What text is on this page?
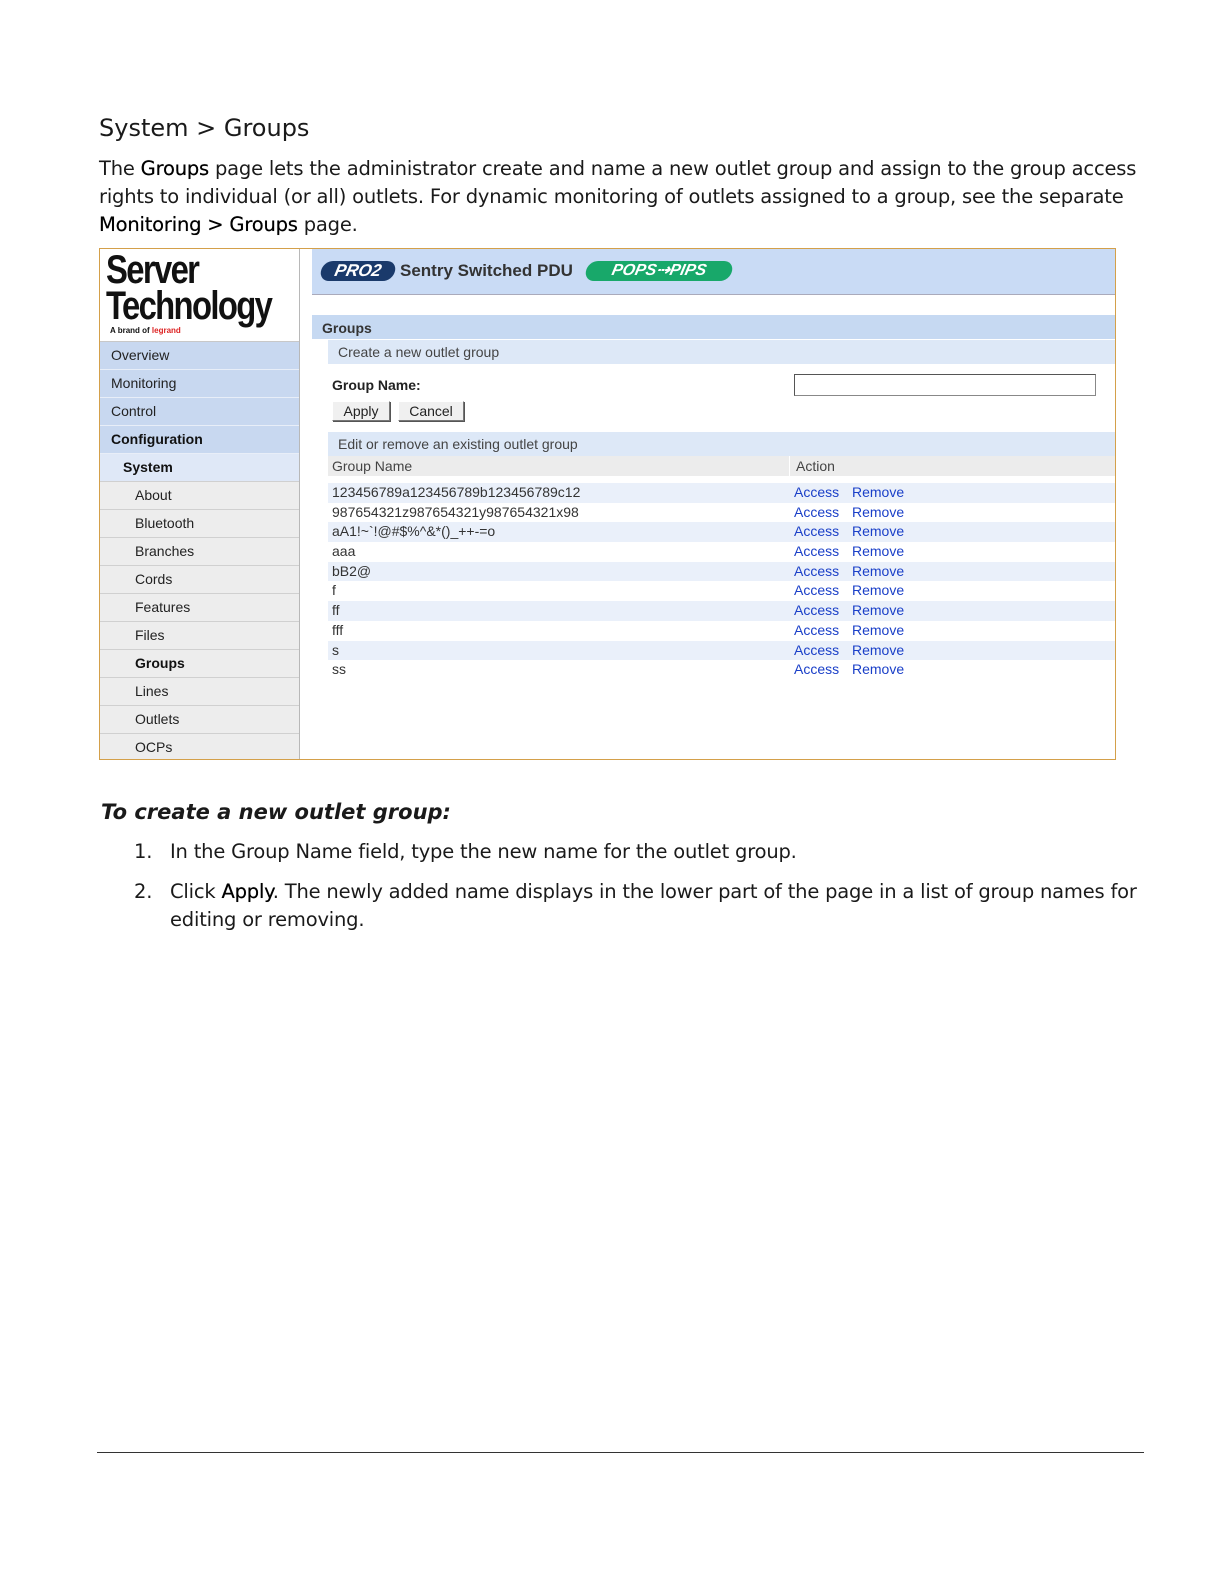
System > Groups

The Groups page lets the administrator create and name a new outlet group and assign to the group access rights to individual (or all) outlets. For dynamic monitoring of outlets assigned to a group, see the separate Monitoring > Groups page.

Server
Technology
A brand of legrand
Overview
Monitoring
Control
Configuration
System
About
Bluetooth
Branches
Cords
Features
Files
Groups
Lines
Outlets
OCPs
PRO2 Sentry Switched PDU	POPS⇢PIPS
Groups
Create a new outlet group
Group Name:
Apply	Cancel
Edit or remove an existing outlet group
Group Name	Action
123456789a123456789b123456789c12	Access Remove
987654321z987654321y987654321x98	Access Remove
aA1!~`!@#$%^&*()_++-=o	Access Remove
aaa	Access Remove
bB2@	Access Remove
f	Access Remove
ff	Access Remove
fff	Access Remove
s	Access Remove
ss	Access Remove
To create a new outlet group:
1. In the Group Name field, type the new name for the outlet group.
2. Click Apply. The newly added name displays in the lower part of the page in a list of group names for editing or removing.
